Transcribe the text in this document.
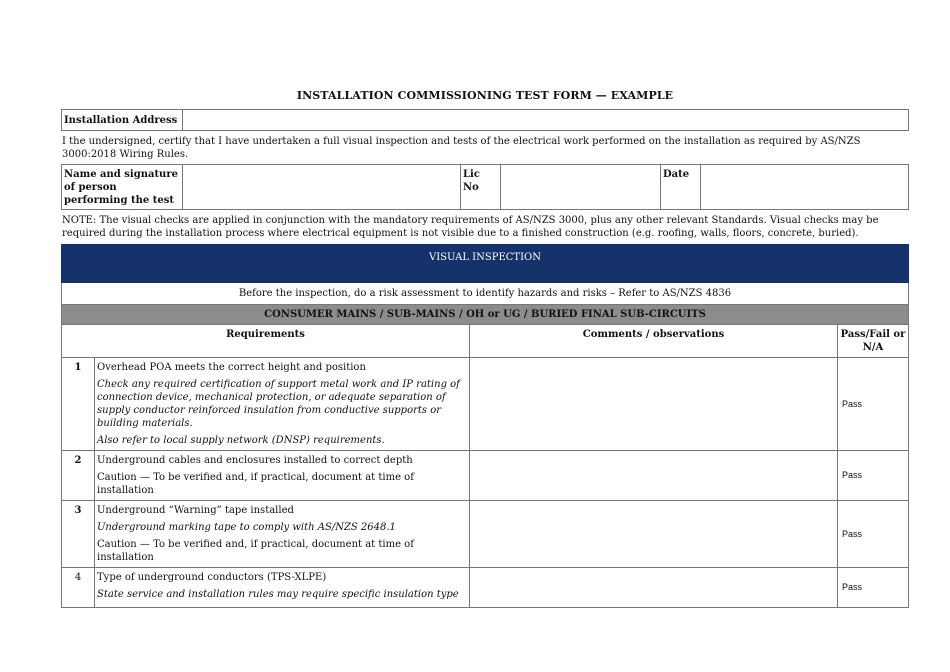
INSTALLATION COMMISSIONING TEST FORM — EXAMPLE
Installation Address	
I the undersigned, certify that I have undertaken a full visual inspection and tests of the electrical work performed on the installation as required by AS/NZS 3000:2018 Wiring Rules.
Name and signature of person performing the test		Lic No		Date	
NOTE: The visual checks are applied in conjunction with the mandatory requirements of AS/NZS 3000, plus any other relevant Standards. Visual checks may be required during the installation process where electrical equipment is not visible due to a finished construction (e.g. roofing, walls, floors, concrete, buried).
VISUAL INSPECTION			
Before the inspection, do a risk assessment to identify hazards and risks – Refer to AS/NZS 4836			
CONSUMER MAINS / SUB-MAINS / OH or UG / BURIED FINAL SUB-CIRCUITS			
Requirements		Comments / observations	Pass/Fail or N/A
1	Overhead POA meets the correct height and position
Check any required certification of support metal work and IP rating of connection device, mechanical protection, or adequate separation of supply conductor reinforced insulation from conductive supports or building materials.
Also refer to local supply network (DNSP) requirements.		Pass
2	Underground cables and enclosures installed to correct depth
Caution — To be verified and, if practical, document at time of installation		Pass
3	Underground “Warning” tape installed
Underground marking tape to comply with AS/NZS 2648.1
Caution — To be verified and, if practical, document at time of installation		Pass
4	Type of underground conductors (TPS-XLPE)
State service and installation rules may require specific insulation type		Pass
